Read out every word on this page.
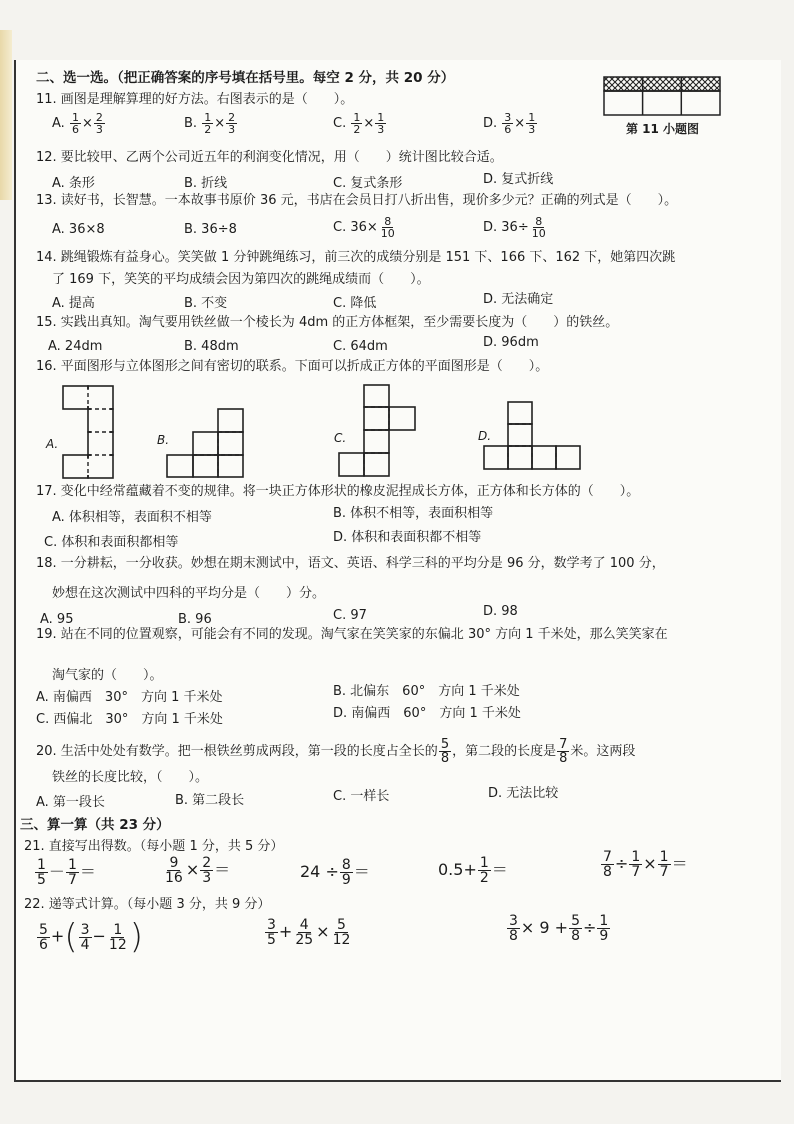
二、选一选。（把正确答案的序号填在括号里。每空 2 分，共 20 分）
第 11 小题图
11. 画图是理解算理的好方法。右图表示的是（　　）。
A. $\frac{1}{6} \times \frac{2}{3}$	B. $\frac{1}{2} \times \frac{2}{3}$	C. $\frac{1}{2} \times \frac{1}{3}$	D. $\frac{3}{6} \times \frac{1}{3}$
12. 要比较甲、乙两个公司近五年的利润变化情况，用（　　）统计图比较合适。
A. 条形	B. 折线	C. 复式条形	D. 复式折线
13. 读好书，长智慧。一本故事书原价 36 元，书店在会员日打八折出售，现价多少元？正确的列式是（　　）。
A. 36×8	B. 36÷8	C. $36\times \frac{8}{10}$	D. $36\div \frac{8}{10}$
14. 跳绳锻炼有益身心。笑笑做 1 分钟跳绳练习，前三次的成绩分别是 151 下、166 下、162 下，她第四次跳
了 169 下，笑笑的平均成绩会因为第四次的跳绳成绩而（　　）。
A. 提高	B. 不变	C. 降低	D. 无法确定
15. 实践出真知。淘气要用铁丝做一个棱长为 4dm 的正方体框架，至少需要长度为（　　）的铁丝。
A. 24dm	B. 48dm	C. 64dm	D. 96dm
16. 平面图形与立体图形之间有密切的联系。下面可以折成正方体的平面图形是（　　）。
A.	B.	C.	D.
17. 变化中经常蕴藏着不变的规律。将一块正方体形状的橡皮泥捏成长方体，正方体和长方体的（　　）。
A. 体积相等，表面积不相等	B. 体积不相等，表面积相等
C. 体积和表面积都相等	D. 体积和表面积都不相等
18. 一分耕耘，一分收获。妙想在期末测试中，语文、英语、科学三科的平均分是 96 分，数学考了 100 分，
妙想在这次测试中四科的平均分是（　　）分。
A. 95	B. 96	C. 97	D. 98
19. 站在不同的位置观察，可能会有不同的发现。淘气家在笑笑家的东偏北 30° 方向 1 千米处，那么笑笑家在
淘气家的（　　）。
A. 南偏西　30°　方向 1 千米处	B. 北偏东　60°　方向 1 千米处
C. 西偏北　30°　方向 1 千米处	D. 南偏西　60°　方向 1 千米处
20. 生活中处处有数学。把一根铁丝剪成两段，第一段的长度占全长的 $\frac{5}{8}$ ，第二段的长度是 $\frac{7}{8}$ 米。这两段
铁丝的长度比较，（　　）。
A. 第一段长	B. 第二段长	C. 一样长	D. 无法比较
三、算一算（共 23 分）
21. 直接写出得数。（每小题 1 分，共 5 分）
$\frac{1}{5} - \frac{1}{7}$ ＝	$\frac{9}{16} \times \frac{2}{3}$ ＝	$24 \div \frac{8}{9}$ ＝	$0.5+ \frac{1}{2}$ ＝	$\frac{7}{8} \div \frac{1}{7} \times \frac{1}{7}$ ＝
22. 递等式计算。（每小题 3 分，共 9 分）
$\frac{5}{6}$ +( $\frac{3}{4} - \frac{1}{12}$ )	$\frac{3}{5} + \frac{4}{25} \times \frac{5}{12}$	$\frac{3}{8} \times 9 + \frac{5}{8} \div \frac{1}{9}$
